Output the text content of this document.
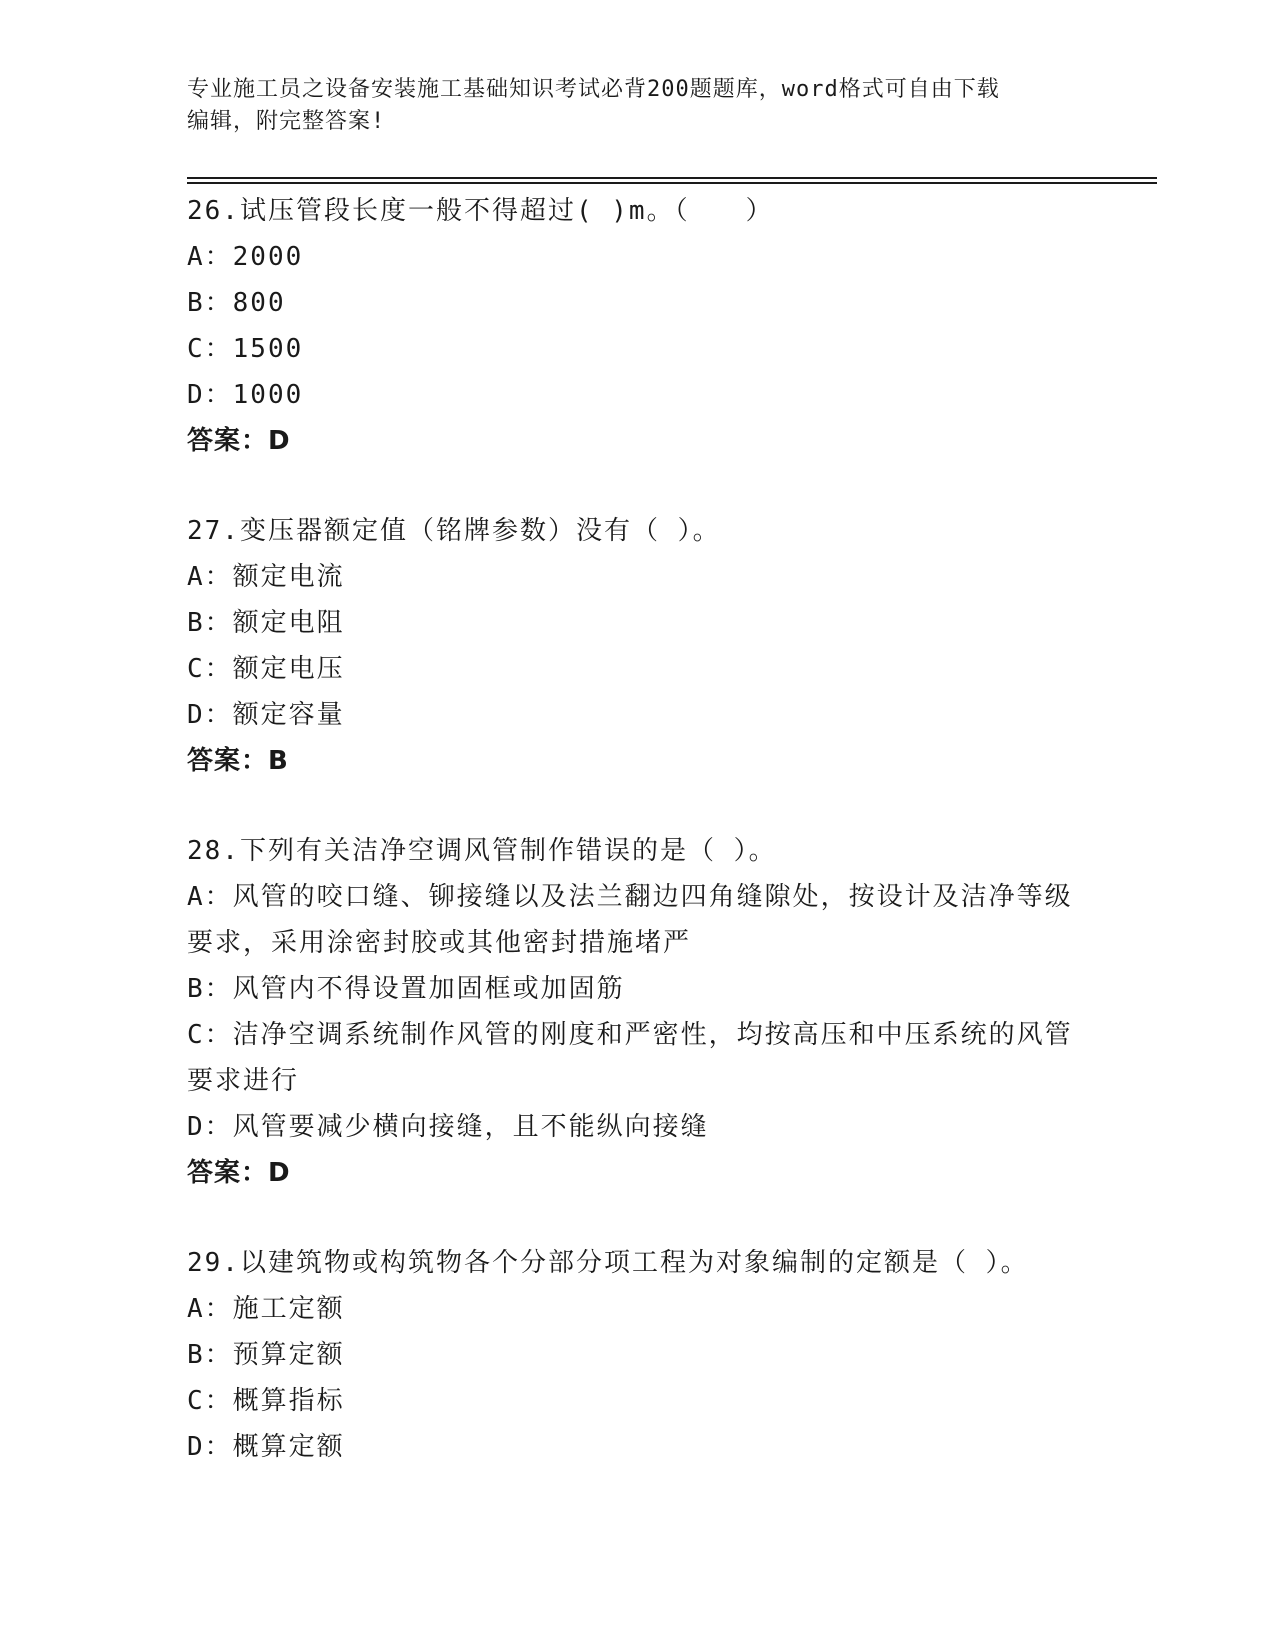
专业施工员之设备安装施工基础知识考试必背200题题库，word格式可自由下载
编辑，附完整答案!
26.试压管段长度一般不得超过( )m。（　　）
A：2000
B：800
C：1500
D：1000
答案：D
27.变压器额定值（铭牌参数）没有（ ）。
A：额定电流
B：额定电阻
C：额定电压
D：额定容量
答案：B
28.下列有关洁净空调风管制作错误的是（ ）。
A：风管的咬口缝、铆接缝以及法兰翻边四角缝隙处，按设计及洁净等级要求，采用涂密封胶或其他密封措施堵严
B：风管内不得设置加固框或加固筋
C：洁净空调系统制作风管的刚度和严密性，均按高压和中压系统的风管要求进行
D：风管要减少横向接缝，且不能纵向接缝
答案：D
29.以建筑物或构筑物各个分部分项工程为对象编制的定额是（ ）。
A：施工定额
B：预算定额
C：概算指标
D：概算定额
